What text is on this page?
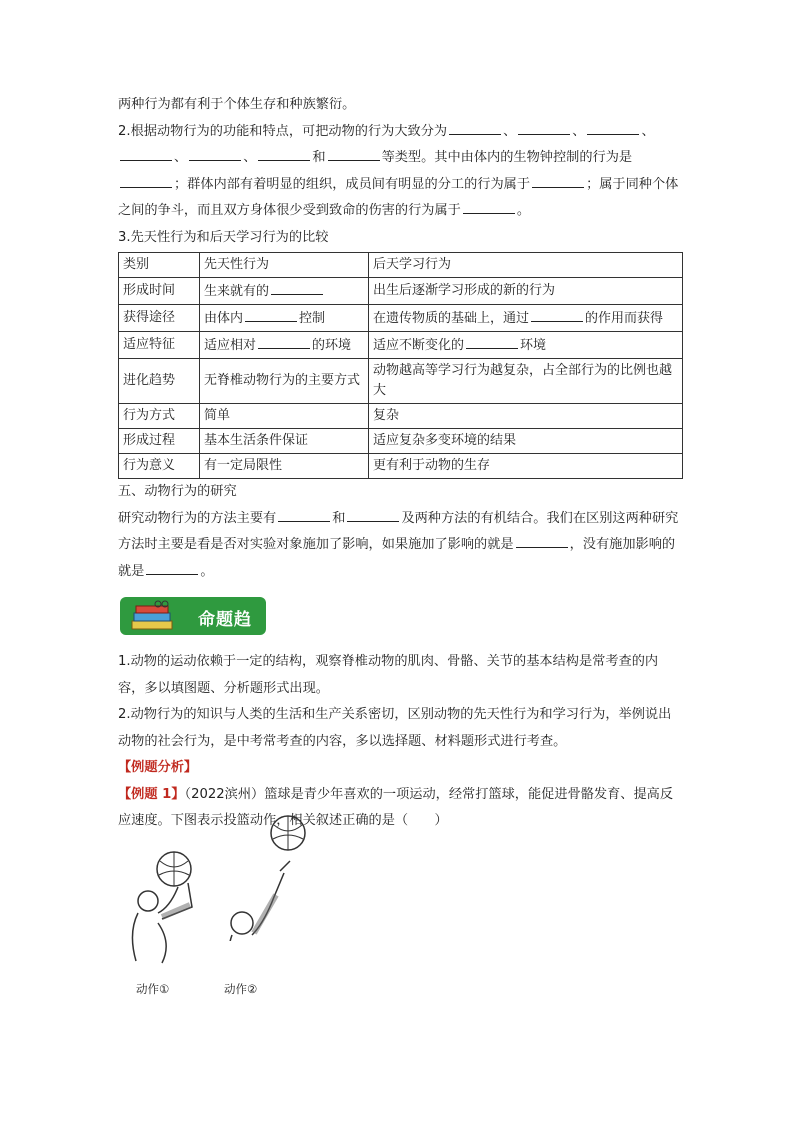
两种行为都有利于个体生存和种族繁衍。

2.根据动物行为的功能和特点，可把动物的行为大致分为	、	、	、、	、	和	等类型。其中由体内的生物钟控制的行为是；群体内部有着明显的组织，成员间有明显的分工的行为属于	；属于同种个体之间的争斗，而且双方身体很少受到致命的伤害的行为属于	。

3.先天性行为和后天学习行为的比较

类别	先天性行为	后天学习行为
形成时间	生来就有的	出生后逐渐学习形成的新的行为
获得途径	由体内 控制	在遗传物质的基础上，通过 的作用而获得
适应特征	适应相对 的环境	适应不断变化的 环境
进化趋势	无脊椎动物行为的主要方式	动物越高等学习行为越复杂，占全部行为的比例也越大
行为方式	简单	复杂
形成过程	基本生活条件保证	适应复杂多变环境的结果
行为意义	有一定局限性	更有利于动物的生存

五、动物行为的研究

研究动物行为的方法主要有	和	及两种方法的有机结合。我们在区别这两种研究方法时主要是看是否对实验对象施加了影响，如果施加了影响的就是	，没有施加影响的就是	。

命题趋

1.动物的运动依赖于一定的结构，观察脊椎动物的肌肉、骨骼、关节的基本结构是常考查的内容，多以填图题、分析题形式出现。

2.动物行为的知识与人类的生活和生产关系密切，区别动物的先天性行为和学习行为，举例说出动物的社会行为，是中考常考查的内容，多以选择题、材料题形式进行考查。

【例题分析】

【例题 1】（2022滨州）篮球是青少年喜欢的一项运动，经常打篮球，能促进骨骼发育、提高反应速度。下图表示投篮动作，相关叙述正确的是（　　）

动作①	动作②
